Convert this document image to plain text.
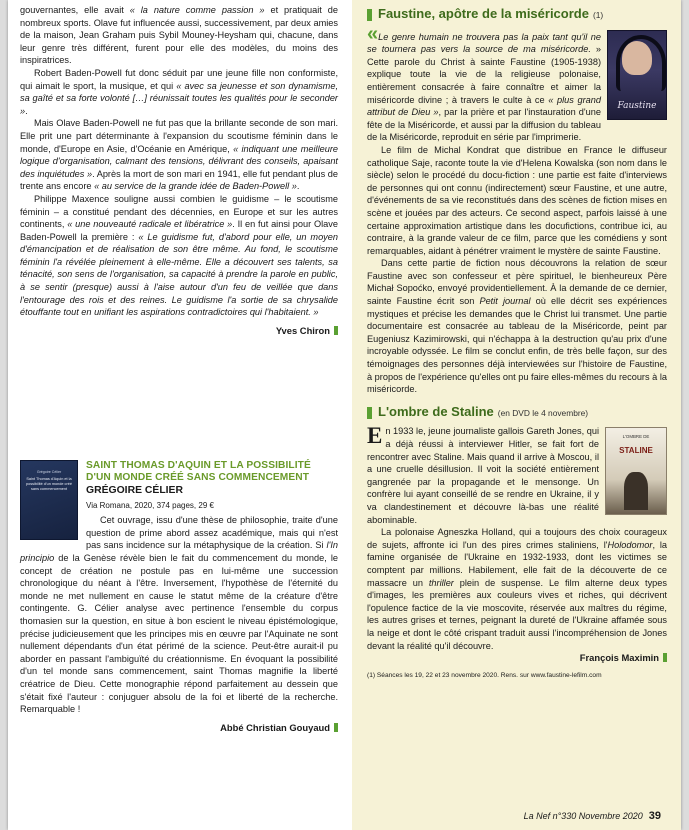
gouvernantes, elle avait « la nature comme passion » et pratiquait de nombreux sports. Olave fut influencée aussi, successivement, par deux amies de la maison, Jean Graham puis Sybil Mouney-Heysham qui, chacune, dans leur genre très différent, furent pour elle des modèles, du moins des inspiratrices.

Robert Baden-Powell fut donc séduit par une jeune fille non conformiste, qui aimait le sport, la musique, et qui « avec sa jeunesse et son dynamisme, sa gaîté et sa forte volonté […] réunissait toutes les qualités pour le seconder ».

Mais Olave Baden-Powell ne fut pas que la brillante seconde de son mari. Elle prit une part déterminante à l'expansion du scoutisme féminin dans le monde, d'Europe en Asie, d'Océanie en Amérique, « indiquant une meilleure logique d'organisation, calmant des tensions, délivrant des conseils, apaisant des inquiétudes ». Après la mort de son mari en 1941, elle fut pendant plus de trente ans encore « au service de la grande idée de Baden-Powell ».

Philippe Maxence souligne aussi combien le guidisme – le scoutisme féminin – a constitué pendant des décennies, en Europe et sur les autres continents, « une nouveauté radicale et libératrice ». Il en fut ainsi pour Olave Baden-Powell la première : « Le guidisme fut, d'abord pour elle, un moyen d'émancipation et de réalisation de son être même. Au fond, le scoutisme féminin l'a révélée pleinement à elle-même. Elle a découvert ses talents, sa ténacité, son sens de l'organisation, sa capacité à prendre la parole en public, à se sentir (presque) aussi à l'aise autour d'un feu de veillée que dans l'entourage des rois et des reines. Le guidisme l'a sortie de sa chrysalide étouffante tout en unifiant les aspirations contradictoires qui l'habitaient. »

Yves Chiron
Grégoire Célier
Saint Thomas d'Aquin et la possibilité d'un monde créé sans commencement
SAINT THOMAS D'AQUIN ET LA POSSIBILITÉ D'UN MONDE CRÉÉ SANS COMMENCEMENT
GRÉGOIRE CÉLIER
Via Romana, 2020, 374 pages, 29 €

Cet ouvrage, issu d'une thèse de philosophie, traite d'une question de prime abord assez académique, mais qui n'est pas sans incidence sur la métaphysique de la création. Si l'In principio de la Genèse révèle bien le fait du commencement du monde, le concept de création ne postule pas en lui-même une succession chronologique du néant à l'être. Inversement, l'hypothèse de l'éternité du monde ne met nullement en cause le statut même de la créature d'être contingente. G. Célier analyse avec pertinence l'ensemble du corpus thomasien sur la question, en situe à bon escient le niveau épistémologique, précise judicieusement que les principes mis en œuvre par l'Aquinate ne sont nullement dépendants d'un état périmé de la science. Peut-être aurait-il pu aborder en passant l'ambiguïté du créationnisme. En évoquant la possibilité d'un tel monde sans commencement, saint Thomas magnifie la liberté créatrice de Dieu. Cette monographie répond parfaitement au dessein que s'était fixé l'auteur : conjuguer absolu de la foi et liberté de la recherche. Remarquable !

Abbé Christian Gouyaud
Faustine, apôtre de la miséricorde (1)
Faustine

«Le genre humain ne trouvera pas la paix tant qu'il ne se tournera pas vers la source de ma miséricorde. » Cette parole du Christ à sainte Faustine (1905-1938) explique toute la vie de la religieuse polonaise, entièrement consacrée à faire connaître et aimer la miséricorde divine ; à travers le culte à ce « plus grand attribut de Dieu », par la prière et par l'instauration d'une fête de la Miséricorde, et aussi par la diffusion du tableau de la Miséricorde, reproduit en série par l'imprimerie.

Le film de Michal Kondrat que distribue en France le diffuseur catholique Saje, raconte toute la vie d'Helena Kowalska (son nom dans le siècle) selon le procédé du docu-fiction : une partie est faite d'interviews de personnes qui ont connu (indirectement) sœur Faustine, et une autre, d'événements de sa vie reconstitués dans des scènes de fiction mises en scène et jouées par des acteurs. Ce second aspect, parfois laissé à une certaine approximation artistique dans les docufictions, contribue ici, au contraire, à la grande valeur de ce film, parce que les comédiens y sont remarquables, aidant à pénétrer vraiment le mystère de sainte Faustine.

Dans cette partie de fiction nous découvrons la relation de sœur Faustine avec son confesseur et père spirituel, le bienheureux Père Michał Sopoćko, envoyé providentiellement. À la demande de ce dernier, sainte Faustine écrit son Petit journal où elle décrit ses expériences mystiques et précise les demandes que le Christ lui transmet. Une partie documentaire est consacrée au tableau de la Miséricorde, peint par Eugeniusz Kazimirowski, qui n'échappa à la destruction qu'au prix d'une incroyable odyssée. Le film se conclut enfin, de très belle façon, sur des témoignages des personnes déjà interviewées sur l'histoire de Faustine, à propos de l'expérience qu'elles ont pu faire elles-mêmes du recours à la miséricorde.

L'ombre de Staline (en DVD le 4 novembre)
L'OMBRE DE
STALINE

En 1933 le, jeune journaliste gallois Gareth Jones, qui a déjà réussi à interviewer Hitler, se fait fort de rencontrer avec Staline. Mais quand il arrive à Moscou, il a une cruelle désillusion. Il voit la société entièrement gangrenée par la propagande et le mensonge. Un confrère lui ayant conseillé de se rendre en Ukraine, il y va clandestinement et découvre là-bas une réalité abominable.

La polonaise Agneszka Holland, qui a toujours des choix courageux de sujets, affronte ici l'un des pires crimes staliniens, l'Holodomor, la famine organisée de l'Ukraine en 1932-1933, dont les victimes se comptent par millions. Habilement, elle fait de la découverte de ce massacre un thriller plein de suspense. Le film alterne deux types d'images, les premières aux couleurs vives et riches, qui décrivent l'opulence factice de la vie moscovite, réservée aux maîtres du régime, les autres grises et ternes, peignant la dureté de l'Ukraine affamée sous la neige et dont le côté crispant traduit aussi l'incompréhension de Jones devant la réalité qu'il découvre.

François Maximin
(1) Séances les 19, 22 et 23 novembre 2020. Rens. sur www.faustine-lefilm.com
La Nef n°330 Novembre 2020 39
